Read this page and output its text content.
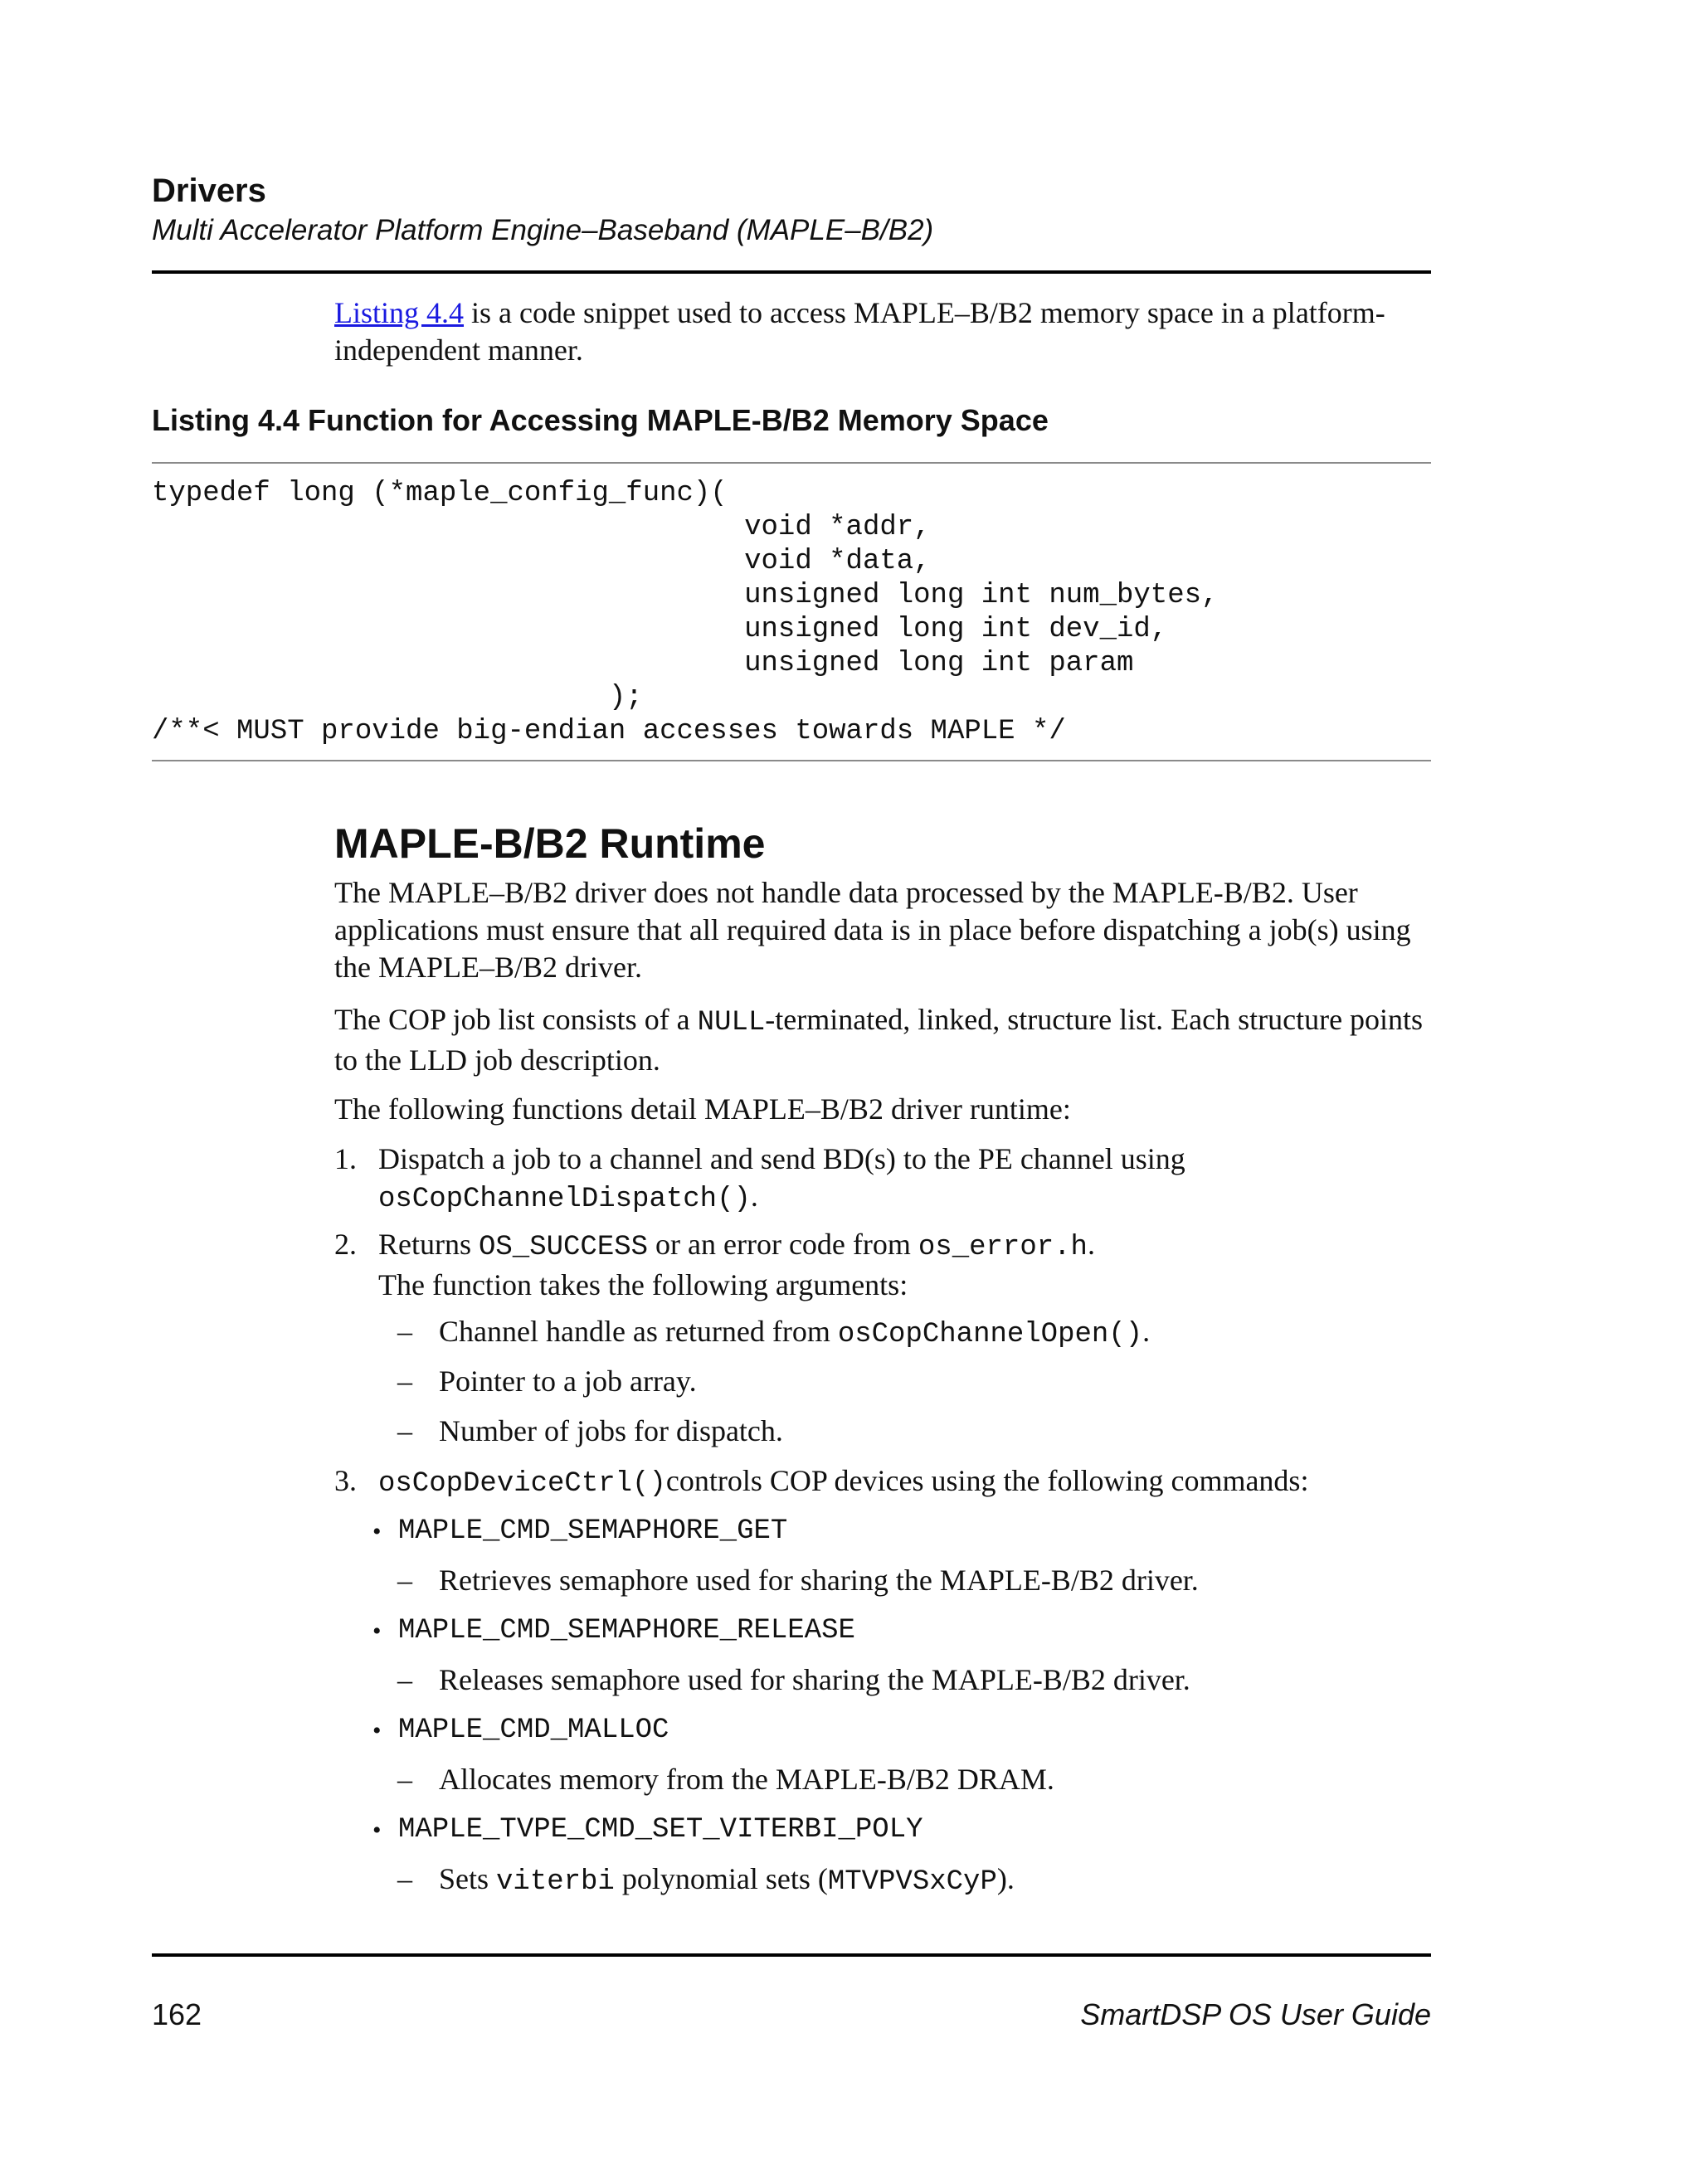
Drivers
Multi Accelerator Platform Engine–Baseband (MAPLE–B/B2)
Listing 4.4 is a code snippet used to access MAPLE–B/B2 memory space in a platform-independent manner.
Listing 4.4 Function for Accessing MAPLE-B/B2 Memory Space
typedef long (*maple_config_func)(
void *addr,
void *data,
unsigned long int num_bytes,
unsigned long int dev_id,
unsigned long int param
);
/**< MUST provide big-endian accesses towards MAPLE */
MAPLE-B/B2 Runtime

The MAPLE–B/B2 driver does not handle data processed by the MAPLE-B/B2. User applications must ensure that all required data is in place before dispatching a job(s) using the MAPLE–B/B2 driver.

The COP job list consists of a NULL-terminated, linked, structure list. Each structure points to the LLD job description.

The following functions detail MAPLE–B/B2 driver runtime:

1. Dispatch a job to a channel and send BD(s) to the PE channel using
osCopChannelDispatch().
2. Returns OS_SUCCESS or an error code from os_error.h.
The function takes the following arguments:
– Channel handle as returned from osCopChannelOpen().
– Pointer to a job array.
– Number of jobs for dispatch.
3. osCopDeviceCtrl()controls COP devices using the following commands:
• MAPLE_CMD_SEMAPHORE_GET
– Retrieves semaphore used for sharing the MAPLE-B/B2 driver.
• MAPLE_CMD_SEMAPHORE_RELEASE
– Releases semaphore used for sharing the MAPLE-B/B2 driver.
• MAPLE_CMD_MALLOC
– Allocates memory from the MAPLE-B/B2 DRAM.
• MAPLE_TVPE_CMD_SET_VITERBI_POLY
– Sets viterbi polynomial sets (MTVPVSxCyP).
162	SmartDSP OS User Guide
